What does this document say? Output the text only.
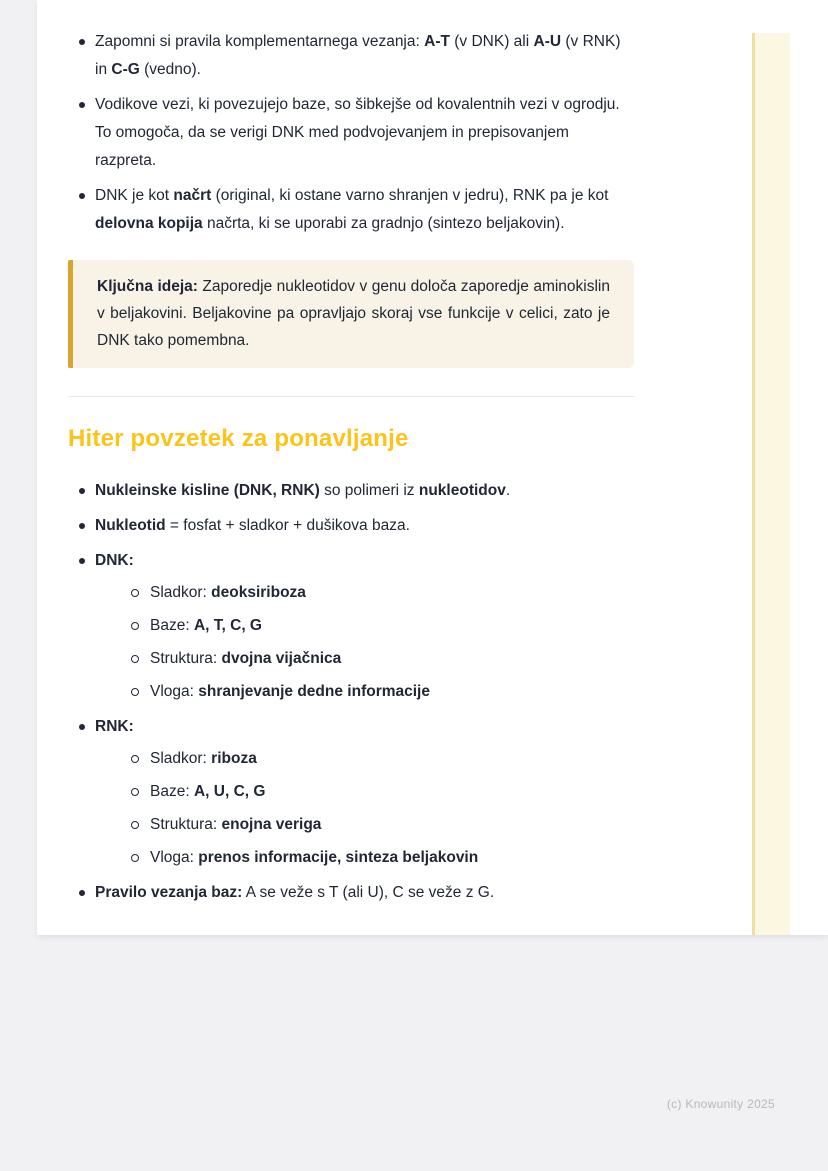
Zapomni si pravila komplementarnega vezanja: A-T (v DNK) ali A-U (v RNK) in C-G (vedno).
Vodikove vezi, ki povezujejo baze, so šibkejše od kovalentnih vezi v ogrodju. To omogoča, da se verigi DNK med podvojevanjem in prepisovanjem razpreta.
DNK je kot načrt (original, ki ostane varno shranjen v jedru), RNK pa je kot delovna kopija načrta, ki se uporabi za gradnjo (sintezo beljakovin).

Ključna ideja: Zaporedje nukleotidov v genu določa zaporedje aminokislin v beljakovini. Beljakovine pa opravljajo skoraj vse funkcije v celici, zato je DNK tako pomembna.

Hiter povzetek za ponavljanje
Nukleinske kisline (DNK, RNK) so polimeri iz nukleotidov.
Nukleotid = fosfat + sladkor + dušikova baza.
DNK:
Sladkor: deoksiriboza
Baze: A, T, C, G
Struktura: dvojna vijačnica
Vloga: shranjevanje dedne informacije
RNK:
Sladkor: riboza
Baze: A, U, C, G
Struktura: enojna veriga
Vloga: prenos informacije, sinteza beljakovin
Pravilo vezanja baz: A se veže s T (ali U), C se veže z G.
(c) Knowunity 2025
